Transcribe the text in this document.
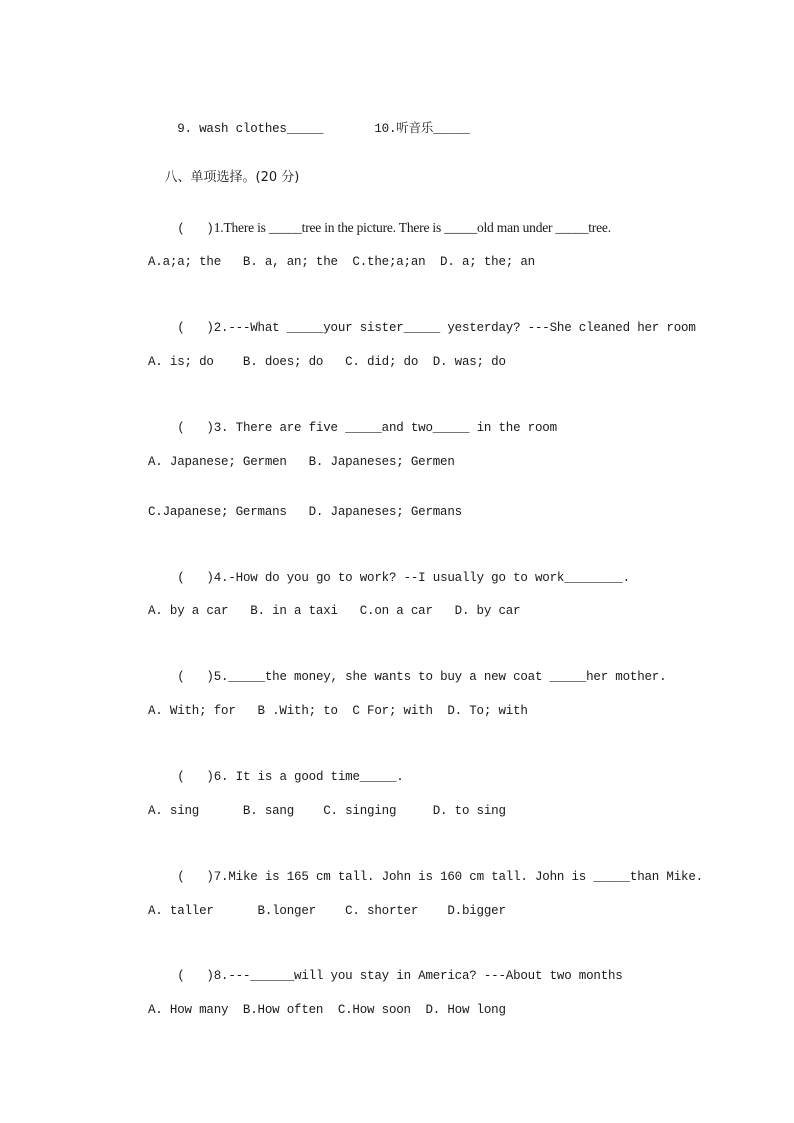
9. wash clothes_____	10.听音乐_____

八、单项选择。(20 分)

(   )1.There is _____tree in the picture. There is _____old man under _____tree.

A.a;a; the   B. a, an; the  C.the;a;an  D. a; the; an

(   )2.---What _____your sister_____ yesterday? ---She cleaned her room

A. is; do    B. does; do   C. did; do  D. was; do

(   )3. There are five _____and two_____ in the room

A. Japanese; Germen   B. Japaneses; Germen
C.Japanese; Germans   D. Japaneses; Germans

(   )4.-How do you go to work? --I usually go to work________.

A. by a car   B. in a taxi   C.on a car   D. by car

(   )5._____the money, she wants to buy a new coat _____her mother.

A. With; for   B .With; to  C For; with  D. To; with

(   )6. It is a good time_____.

A. sing      B. sang    C. singing     D. to sing

(   )7.Mike is 165 cm tall. John is 160 cm tall. John is _____than Mike.

A. taller      B.longer    C. shorter    D.bigger

(   )8.---______will you stay in America? ---About two months

A. How many  B.How often  C.How soon  D. How long
